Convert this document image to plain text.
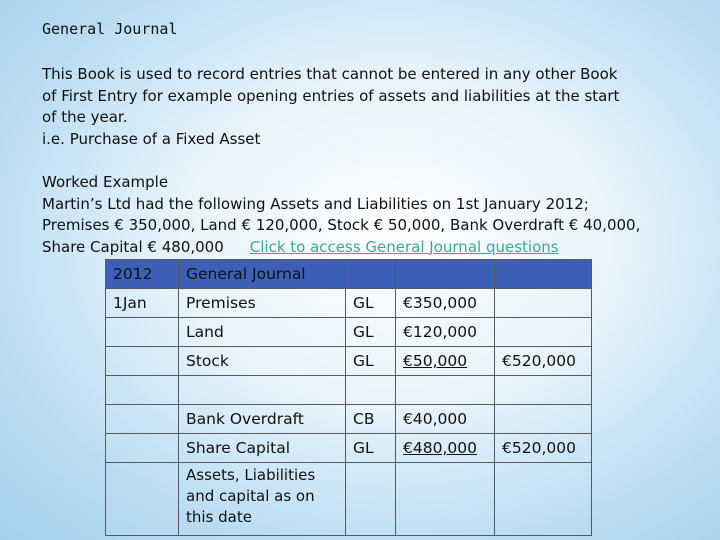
General Journal
This Book is used to record entries that cannot be entered in any other Book
of First Entry for example opening entries of assets and liabilities at the start
of the year.
i.e. Purchase of a Fixed Asset
Worked Example
Martin’s Ltd had the following Assets and Liabilities on 1st January 2012;
Premises € 350,000, Land € 120,000, Stock € 50,000, Bank Overdraft € 40,000,
Share Capital € 480,000 Click to access General Journal questions
2012	General Journal			
1Jan	Premises	GL	€350,000	
	Land	GL	€120,000	
	Stock	GL	€50,000	€520,000

	Bank Overdraft	CB	€40,000	
	Share Capital	GL	€480,000	€520,000

	Assets, Liabilities and capital as on this date			
